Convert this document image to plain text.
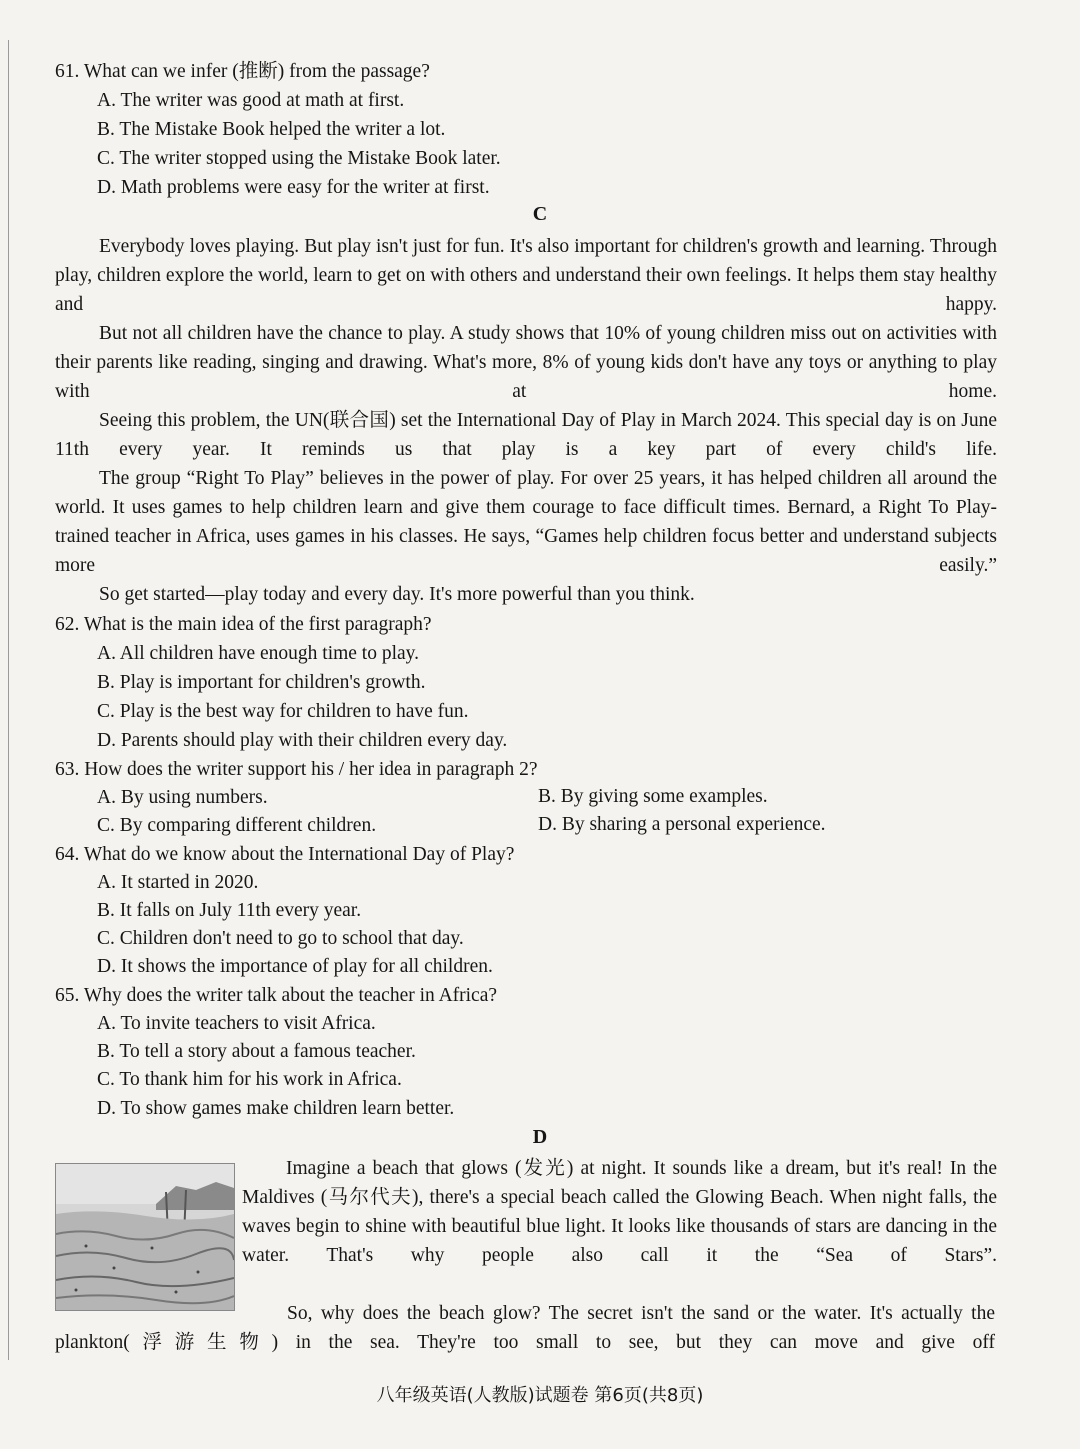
61. What can we infer (推断) from the passage?
A. The writer was good at math at first.
B. The Mistake Book helped the writer a lot.
C. The writer stopped using the Mistake Book later.
D. Math problems were easy for the writer at first.
C
Everybody loves playing. But play isn't just for fun. It's also important for children's growth and learning. Through play, children explore the world, learn to get on with others and understand their own feelings. It helps them stay healthy and happy.
But not all children have the chance to play. A study shows that 10% of young children miss out on activities with their parents like reading, singing and drawing. What's more, 8% of young kids don't have any toys or anything to play with at home.
Seeing this problem, the UN(联合国) set the International Day of Play in March 2024. This special day is on June 11th every year. It reminds us that play is a key part of every child's life.
The group “Right To Play” believes in the power of play. For over 25 years, it has helped children all around the world. It uses games to help children learn and give them courage to face difficult times. Bernard, a Right To Play-trained teacher in Africa, uses games in his classes. He says, “Games help children focus better and understand subjects more easily.”
So get started—play today and every day. It's more powerful than you think.
62. What is the main idea of the first paragraph?
A. All children have enough time to play.
B. Play is important for children's growth.
C. Play is the best way for children to have fun.
D. Parents should play with their children every day.
63. How does the writer support his / her idea in paragraph 2?
A. By using numbers.	B. By giving some examples.
C. By comparing different children.	D. By sharing a personal experience.
64. What do we know about the International Day of Play?
A. It started in 2020.
B. It falls on July 11th every year.
C. Children don't need to go to school that day.
D. It shows the importance of play for all children.
65. Why does the writer talk about the teacher in Africa?
A. To invite teachers to visit Africa.
B. To tell a story about a famous teacher.
C. To thank him for his work in Africa.
D. To show games make children learn better.
D
Imagine a beach that glows (发光) at night. It sounds like a dream, but it's real! In the Maldives (马尔代夫), there's a special beach called the Glowing Beach. When night falls, the waves begin to shine with beautiful blue light. It looks like thousands of stars are dancing in the water. That's why people also call it the “Sea of Stars”.
So, why does the beach glow? The secret isn't the sand or the water. It's actually the plankton(浮游生物) in the sea. They're too small to see, but they can move and give off
八年级英语(人教版)试题卷 第6页(共8页)
